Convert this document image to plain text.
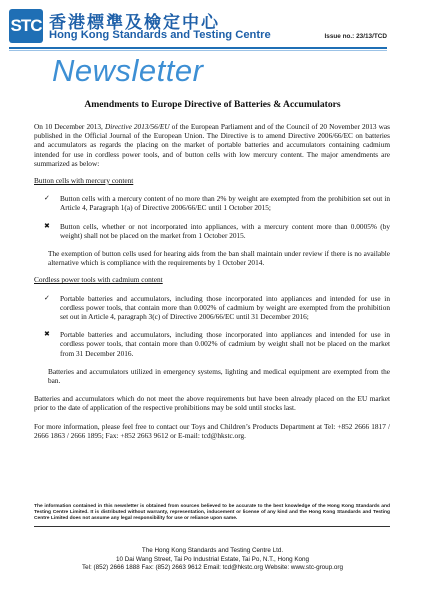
STC 香港標準及檢定中心
Hong Kong Standards and Testing Centre	Issue no.: 23/13/TCD
Newsletter
Amendments to Europe Directive of Batteries & Accumulators

On 10 December 2013, Directive 2013/56/EU of the European Parliament and of the Council of 20 November 2013 was published in the Official Journal of the European Union. The Directive is to amend Directive 2006/66/EC on batteries and accumulators as regards the placing on the market of portable batteries and accumulators containing cadmium intended for use in cordless power tools, and of button cells with low mercury content. The major amendments are summarized as below:

Button cells with mercury content

✓	Button cells with a mercury content of no more than 2% by weight are exempted from the prohibition set out in Article 4, Paragraph 1(a) of Directive 2006/66/EC until 1 October 2015;
✖	Button cells, whether or not incorporated into appliances, with a mercury content more than 0.0005% (by weight) shall not be placed on the market from 1 October 2015.

The exemption of button cells used for hearing aids from the ban shall maintain under review if there is no available alternative which is compliance with the requirements by 1 October 2014.

Cordless power tools with cadmium content

✓	Portable batteries and accumulators, including those incorporated into appliances and intended for use in cordless power tools, that contain more than 0.002% of cadmium by weight are exempted from the prohibition set out in Article 4, paragraph 3(c) of Directive 2006/66/EC until 31 December 2016;
✖	Portable batteries and accumulators, including those incorporated into appliances and intended for use in cordless power tools, that contain more than 0.002% of cadmium by weight shall not be placed on the market from 31 December 2016.

Batteries and accumulators utilized in emergency systems, lighting and medical equipment are exempted from the ban.

Batteries and accumulators which do not meet the above requirements but have been already placed on the EU market prior to the date of application of the respective prohibitions may be sold until stocks last.

For more information, please feel free to contact our Toys and Children’s Products Department at Tel: +852 2666 1817 / 2666 1863 / 2666 1895; Fax: +852 2663 9612 or E-mail: tcd@hkstc.org.

The information contained in this newsletter is obtained from sources believed to be accurate to the best knowledge of the Hong Kong Standards and Testing Centre Limited. It is distributed without warranty, representation, inducement or license of any kind and the Hong Kong Standards and Testing Centre Limited does not assume any legal responsibility for use or reliance upon same.
The Hong Kong Standards and Testing Centre Ltd.
10 Dai Wang Street, Tai Po Industrial Estate, Tai Po, N.T., Hong Kong
Tel: (852) 2666 1888 Fax: (852) 2663 9612 Email: tcd@hkstc.org Website: www.stc-group.org
